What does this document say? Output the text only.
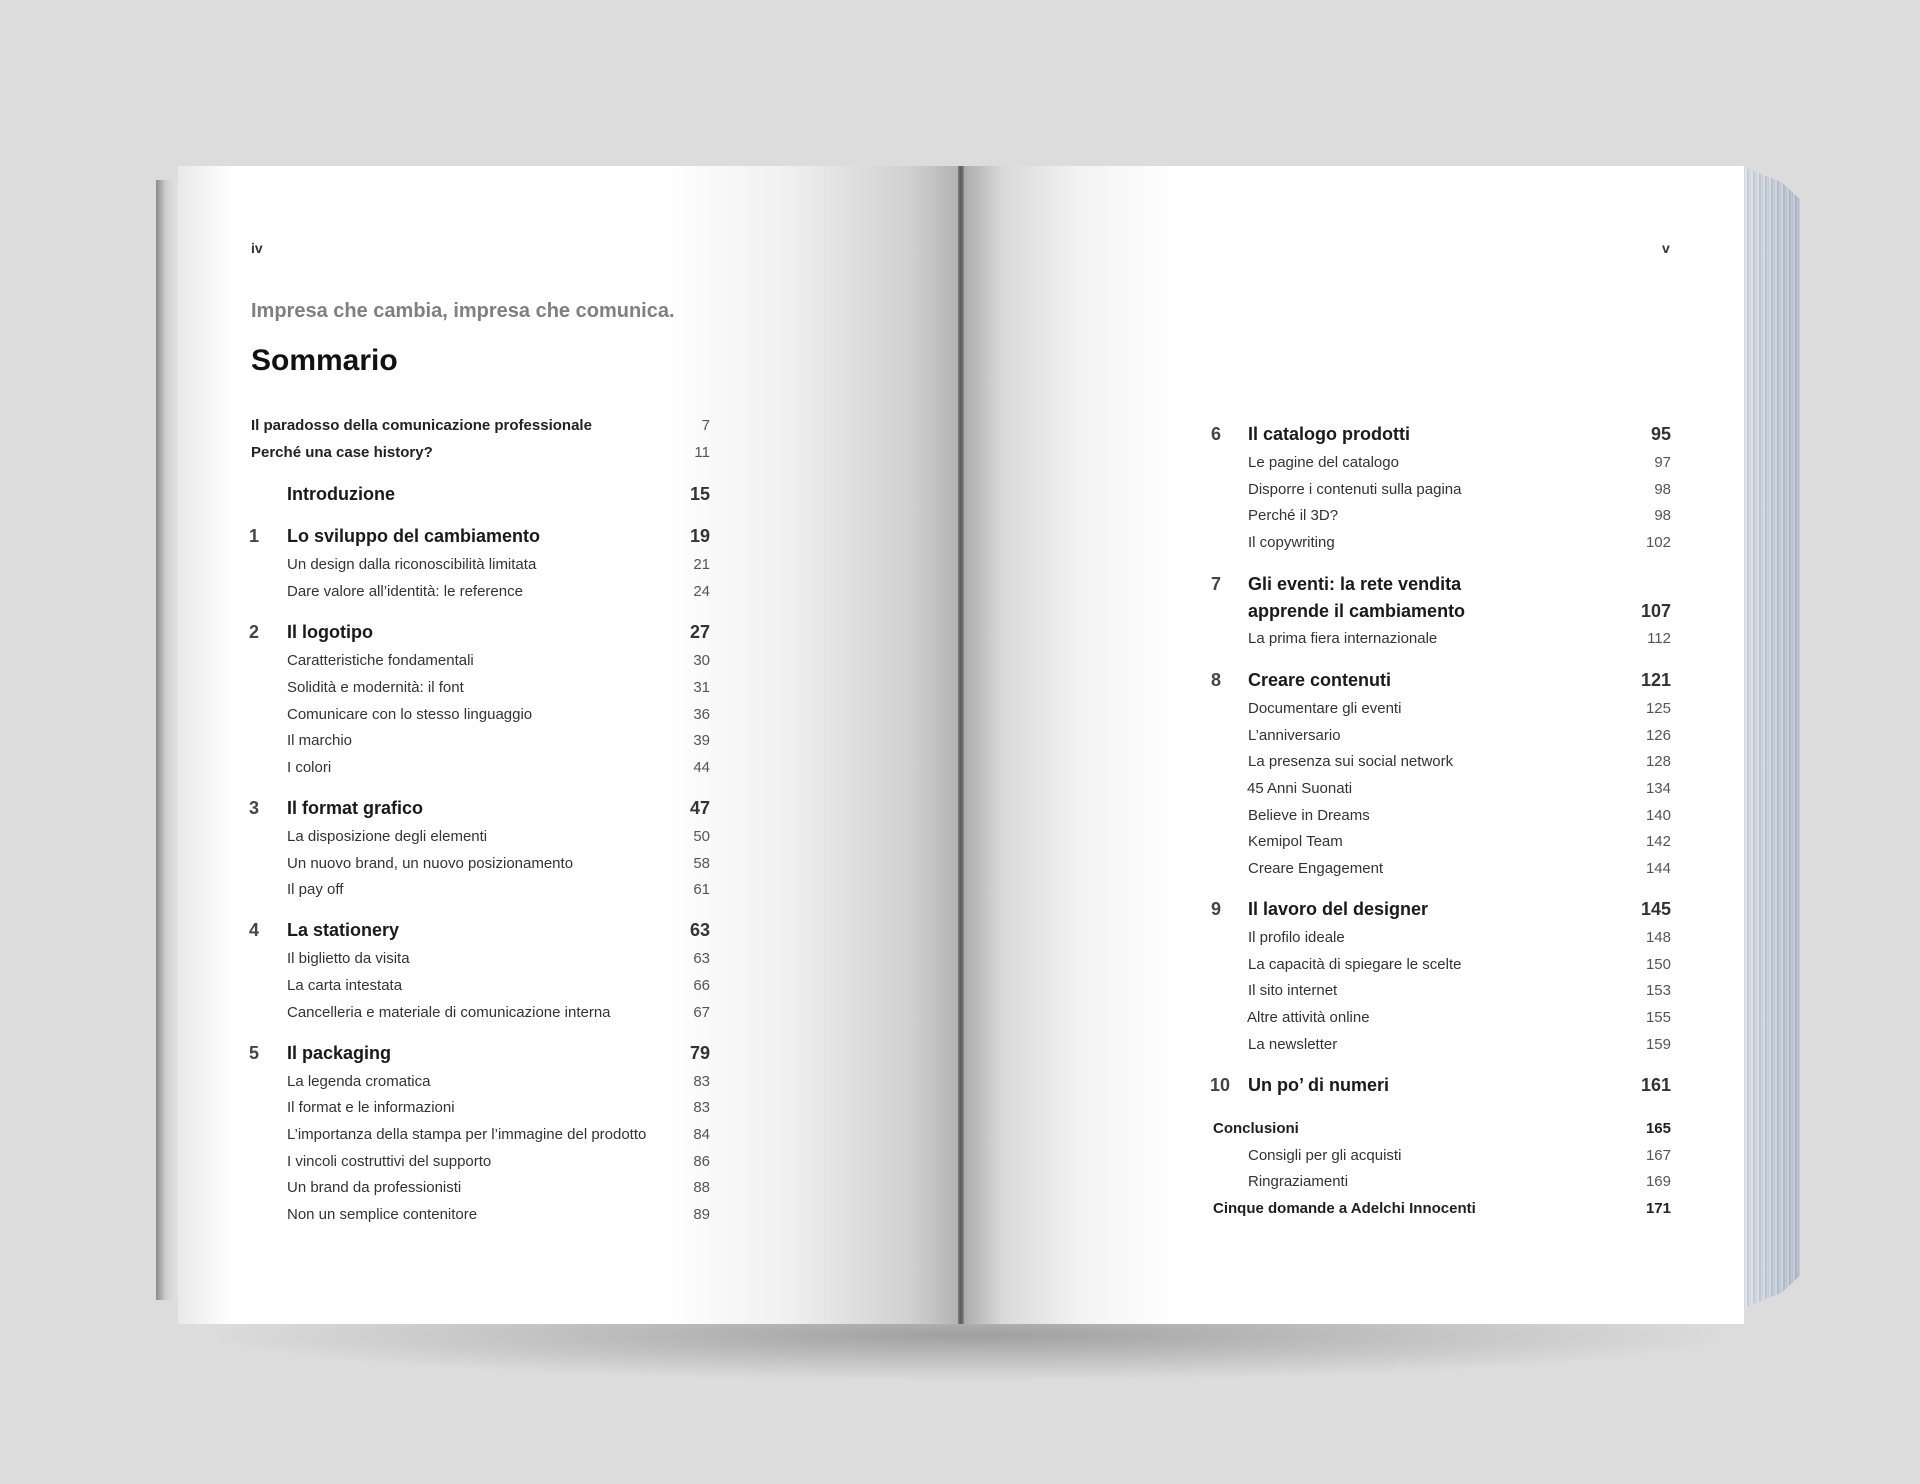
iv
Impresa che cambia, impresa che comunica.
Sommario
Il paradosso della comunicazione professionale	7
Perché una case history?	11
Introduzione	15
1 Lo sviluppo del cambiamento	19
Un design dalla riconoscibilità limitata	21
Dare valore all’identità: le reference	24
2 Il logotipo	27
Caratteristiche fondamentali	30
Solidità e modernità: il font	31
Comunicare con lo stesso linguaggio	36
Il marchio	39
I colori	44
3 Il format grafico	47
La disposizione degli elementi	50
Un nuovo brand, un nuovo posizionamento	58
Il pay off	61
4 La stationery	63
Il biglietto da visita	63
La carta intestata	66
Cancelleria e materiale di comunicazione interna	67
5 Il packaging	79
La legenda cromatica	83
Il format e le informazioni	83
L’importanza della stampa per l’immagine del prodotto	84
I vincoli costruttivi del supporto	86
Un brand da professionisti	88
Non un semplice contenitore	89
v
6 Il catalogo prodotti	95
Le pagine del catalogo	97
Disporre i contenuti sulla pagina	98
Perché il 3D?	98
Il copywriting	102
7 Gli eventi: la rete vendita
apprende il cambiamento	107
La prima fiera internazionale	112
8 Creare contenuti	121
Documentare gli eventi	125
L’anniversario	126
La presenza sui social network	128
45 Anni Suonati	134
Believe in Dreams	140
Kemipol Team	142
Creare Engagement	144
9 Il lavoro del designer	145
Il profilo ideale	148
La capacità di spiegare le scelte	150
Il sito internet	153
Altre attività online	155
La newsletter	159
10 Un po’ di numeri	161
Conclusioni	165
Consigli per gli acquisti	167
Ringraziamenti	169
Cinque domande a Adelchi Innocenti	171
